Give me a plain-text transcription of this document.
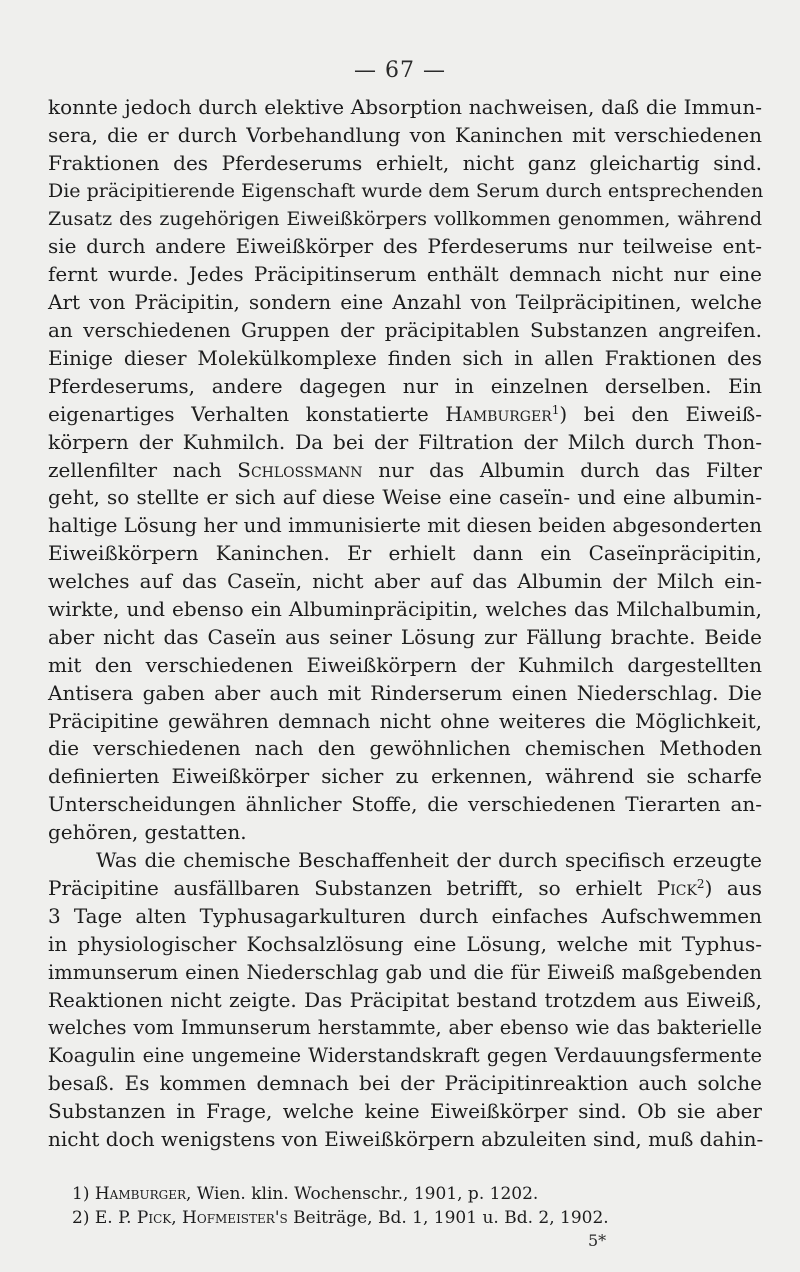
— 67 —
konnte jedoch durch elektive Absorption nachweisen, daß die Immun-
sera, die er durch Vorbehandlung von Kaninchen mit verschiedenen
Fraktionen des Pferdeserums erhielt, nicht ganz gleichartig sind.
Die präcipitierende Eigenschaft wurde dem Serum durch entsprechenden
Zusatz des zugehörigen Eiweißkörpers vollkommen genommen, während
sie durch andere Eiweißkörper des Pferdeserums nur teilweise ent-
fernt wurde. Jedes Präcipitinserum enthält demnach nicht nur eine
Art von Präcipitin, sondern eine Anzahl von Teilpräcipitinen, welche
an verschiedenen Gruppen der präcipitablen Substanzen angreifen.
Einige dieser Molekülkomplexe finden sich in allen Fraktionen des
Pferdeserums, andere dagegen nur in einzelnen derselben. Ein
eigenartiges Verhalten konstatierte Hamburger$^1$) bei den Eiweiß-
körpern der Kuhmilch. Da bei der Filtration der Milch durch Thon-
zellenfilter nach Schlossmann nur das Albumin durch das Filter
geht, so stellte er sich auf diese Weise eine caseïn- und eine albumin-
haltige Lösung her und immunisierte mit diesen beiden abgesonderten
Eiweißkörpern Kaninchen. Er erhielt dann ein Caseïnpräcipitin,
welches auf das Caseïn, nicht aber auf das Albumin der Milch ein-
wirkte, und ebenso ein Albuminpräcipitin, welches das Milchalbumin,
aber nicht das Caseïn aus seiner Lösung zur Fällung brachte. Beide
mit den verschiedenen Eiweißkörpern der Kuhmilch dargestellten
Antisera gaben aber auch mit Rinderserum einen Niederschlag. Die
Präcipitine gewähren demnach nicht ohne weiteres die Möglichkeit,
die verschiedenen nach den gewöhnlichen chemischen Methoden
definierten Eiweißkörper sicher zu erkennen, während sie scharfe
Unterscheidungen ähnlicher Stoffe, die verschiedenen Tierarten an-
gehören, gestatten.
Was die chemische Beschaffenheit der durch specifisch erzeugte
Präcipitine ausfällbaren Substanzen betrifft, so erhielt Pick$^2$) aus
3 Tage alten Typhusagarkulturen durch einfaches Aufschwemmen
in physiologischer Kochsalzlösung eine Lösung, welche mit Typhus-
immunserum einen Niederschlag gab und die für Eiweiß maßgebenden
Reaktionen nicht zeigte. Das Präcipitat bestand trotzdem aus Eiweiß,
welches vom Immunserum herstammte, aber ebenso wie das bakterielle
Koagulin eine ungemeine Widerstandskraft gegen Verdauungsfermente
besaß. Es kommen demnach bei der Präcipitinreaktion auch solche
Substanzen in Frage, welche keine Eiweißkörper sind. Ob sie aber
nicht doch wenigstens von Eiweißkörpern abzuleiten sind, muß dahin-
1) Hamburger, Wien. klin. Wochenschr., 1901, p. 1202.
2) E. P. Pick, Hofmeister's Beiträge, Bd. 1, 1901 u. Bd. 2, 1902.
5*
